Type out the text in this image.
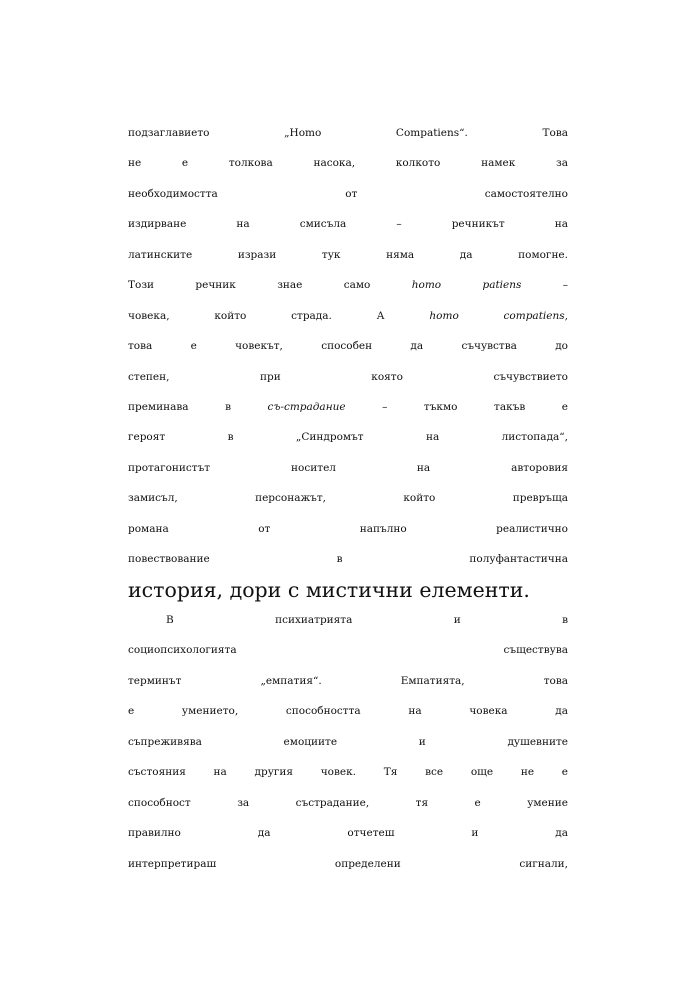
подзаглавието „Homo Compatiens“. Това
не е толкова насока, колкото намек за
необходимостта от самостоятелно
издирване на смисъла – речникът на
латинските изрази тук няма да помогне.
Този речник знае само homo patiens –
човека, който страда. А homo compatiens,
това е човекът, способен да съчувства до
степен, при която съчувствието
преминава в съ-страдание – тъкмо такъв е
героят в „Синдромът на листопада“,
протагонистът носител на авторовия
замисъл, персонажът, който превръща
романа от напълно реалистично
повествование в полуфантастична
история, дори с мистични елементи.
В психиатрията и в
социопсихологията съществува
терминът „емпатия“. Емпатията, това
е умението, способността на човека да
съпреживява емоциите и душевните
състояния на другия човек. Тя все още не е
способност за състрадание, тя е умение
правилно да отчетеш и да
интерпретираш определени сигнали,
